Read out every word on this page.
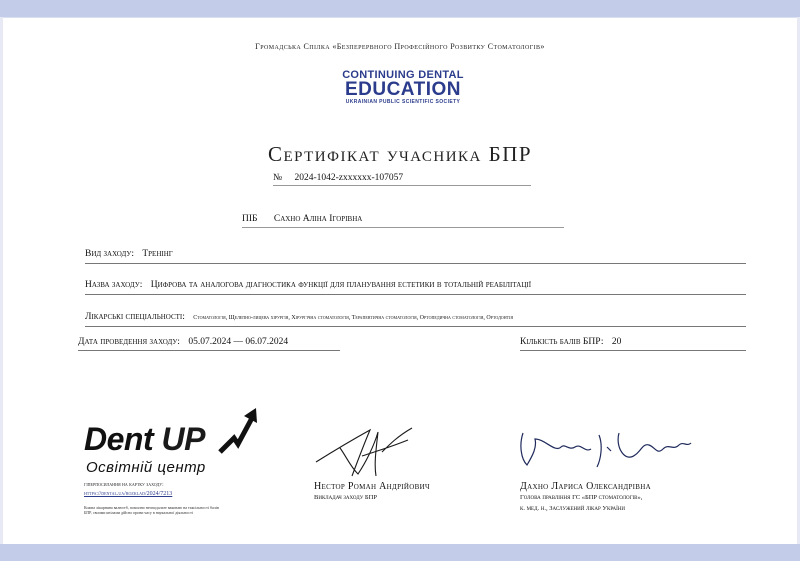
Громадська Спілка «Безперервного Професійного Розвитку Стоматологів»
CONTINUING DENTAL
EDUCATION
UKRAINIAN PUBLIC SCIENTIFIC SOCIETY
Сертифікат учасника БПР
№ 2024-1042-zxxxxxx-107057
ПІБ Сахно Аліна Ігорівна
Вид заходу: Тренінг
Назва заходу: Цифрова та аналогова діагностика функції для планування естетики в тотальній реабілітації
Лікарські спеціальності: Стоматологія, Щелепно-лицева хірургія, Хірургічна стоматологія, Терапевтична стоматологія, Ортопедична стоматологія, Ортодонтія
Дата проведення заходу: 05.07.2024 — 06.07.2024	Кількість балів БПР: 20
Dent UP
Освітній центр
гіперпосилання на картку заходу:
https://dental.ua/rozklad/2024/7213
Кожна лікарняна валюєтб, помилно непподальте ваконаю на таксільності балів БПР, своими кнілами дійсно прови часу в наукальної діяльності
Нестор Роман Андрійович
Викладач заходу БПР
Дахно Лариса Олександрівна
Голова правління ГС «БПР стоматологів»,
к. мед. н., Заслужений лікар України
